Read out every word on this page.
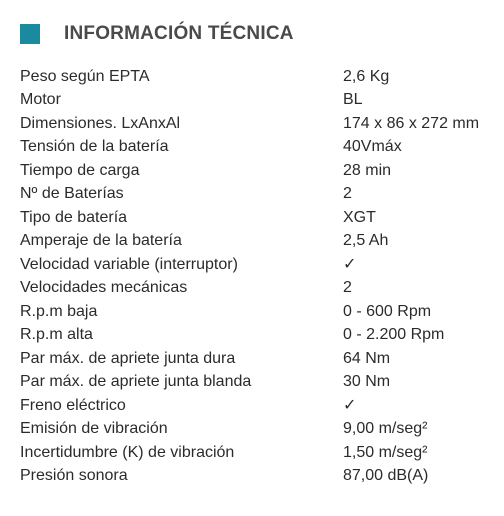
INFORMACIÓN TÉCNICA
Peso según EPTA	2,6 Kg
Motor	BL
Dimensiones. LxAnxAl	174 x 86 x 272 mm
Tensión de la batería	40Vmáx
Tiempo de carga	28 min
Nº de Baterías	2
Tipo de batería	XGT
Amperaje de la batería	2,5 Ah
Velocidad variable (interruptor)	✓
Velocidades mecánicas	2
R.p.m baja	0 - 600 Rpm
R.p.m alta	0 - 2.200 Rpm
Par máx. de apriete junta dura	64 Nm
Par máx. de apriete junta blanda	30 Nm
Freno eléctrico	✓
Emisión de vibración	9,00 m/seg²
Incertidumbre (K) de vibración	1,50 m/seg²
Presión sonora	87,00 dB(A)
